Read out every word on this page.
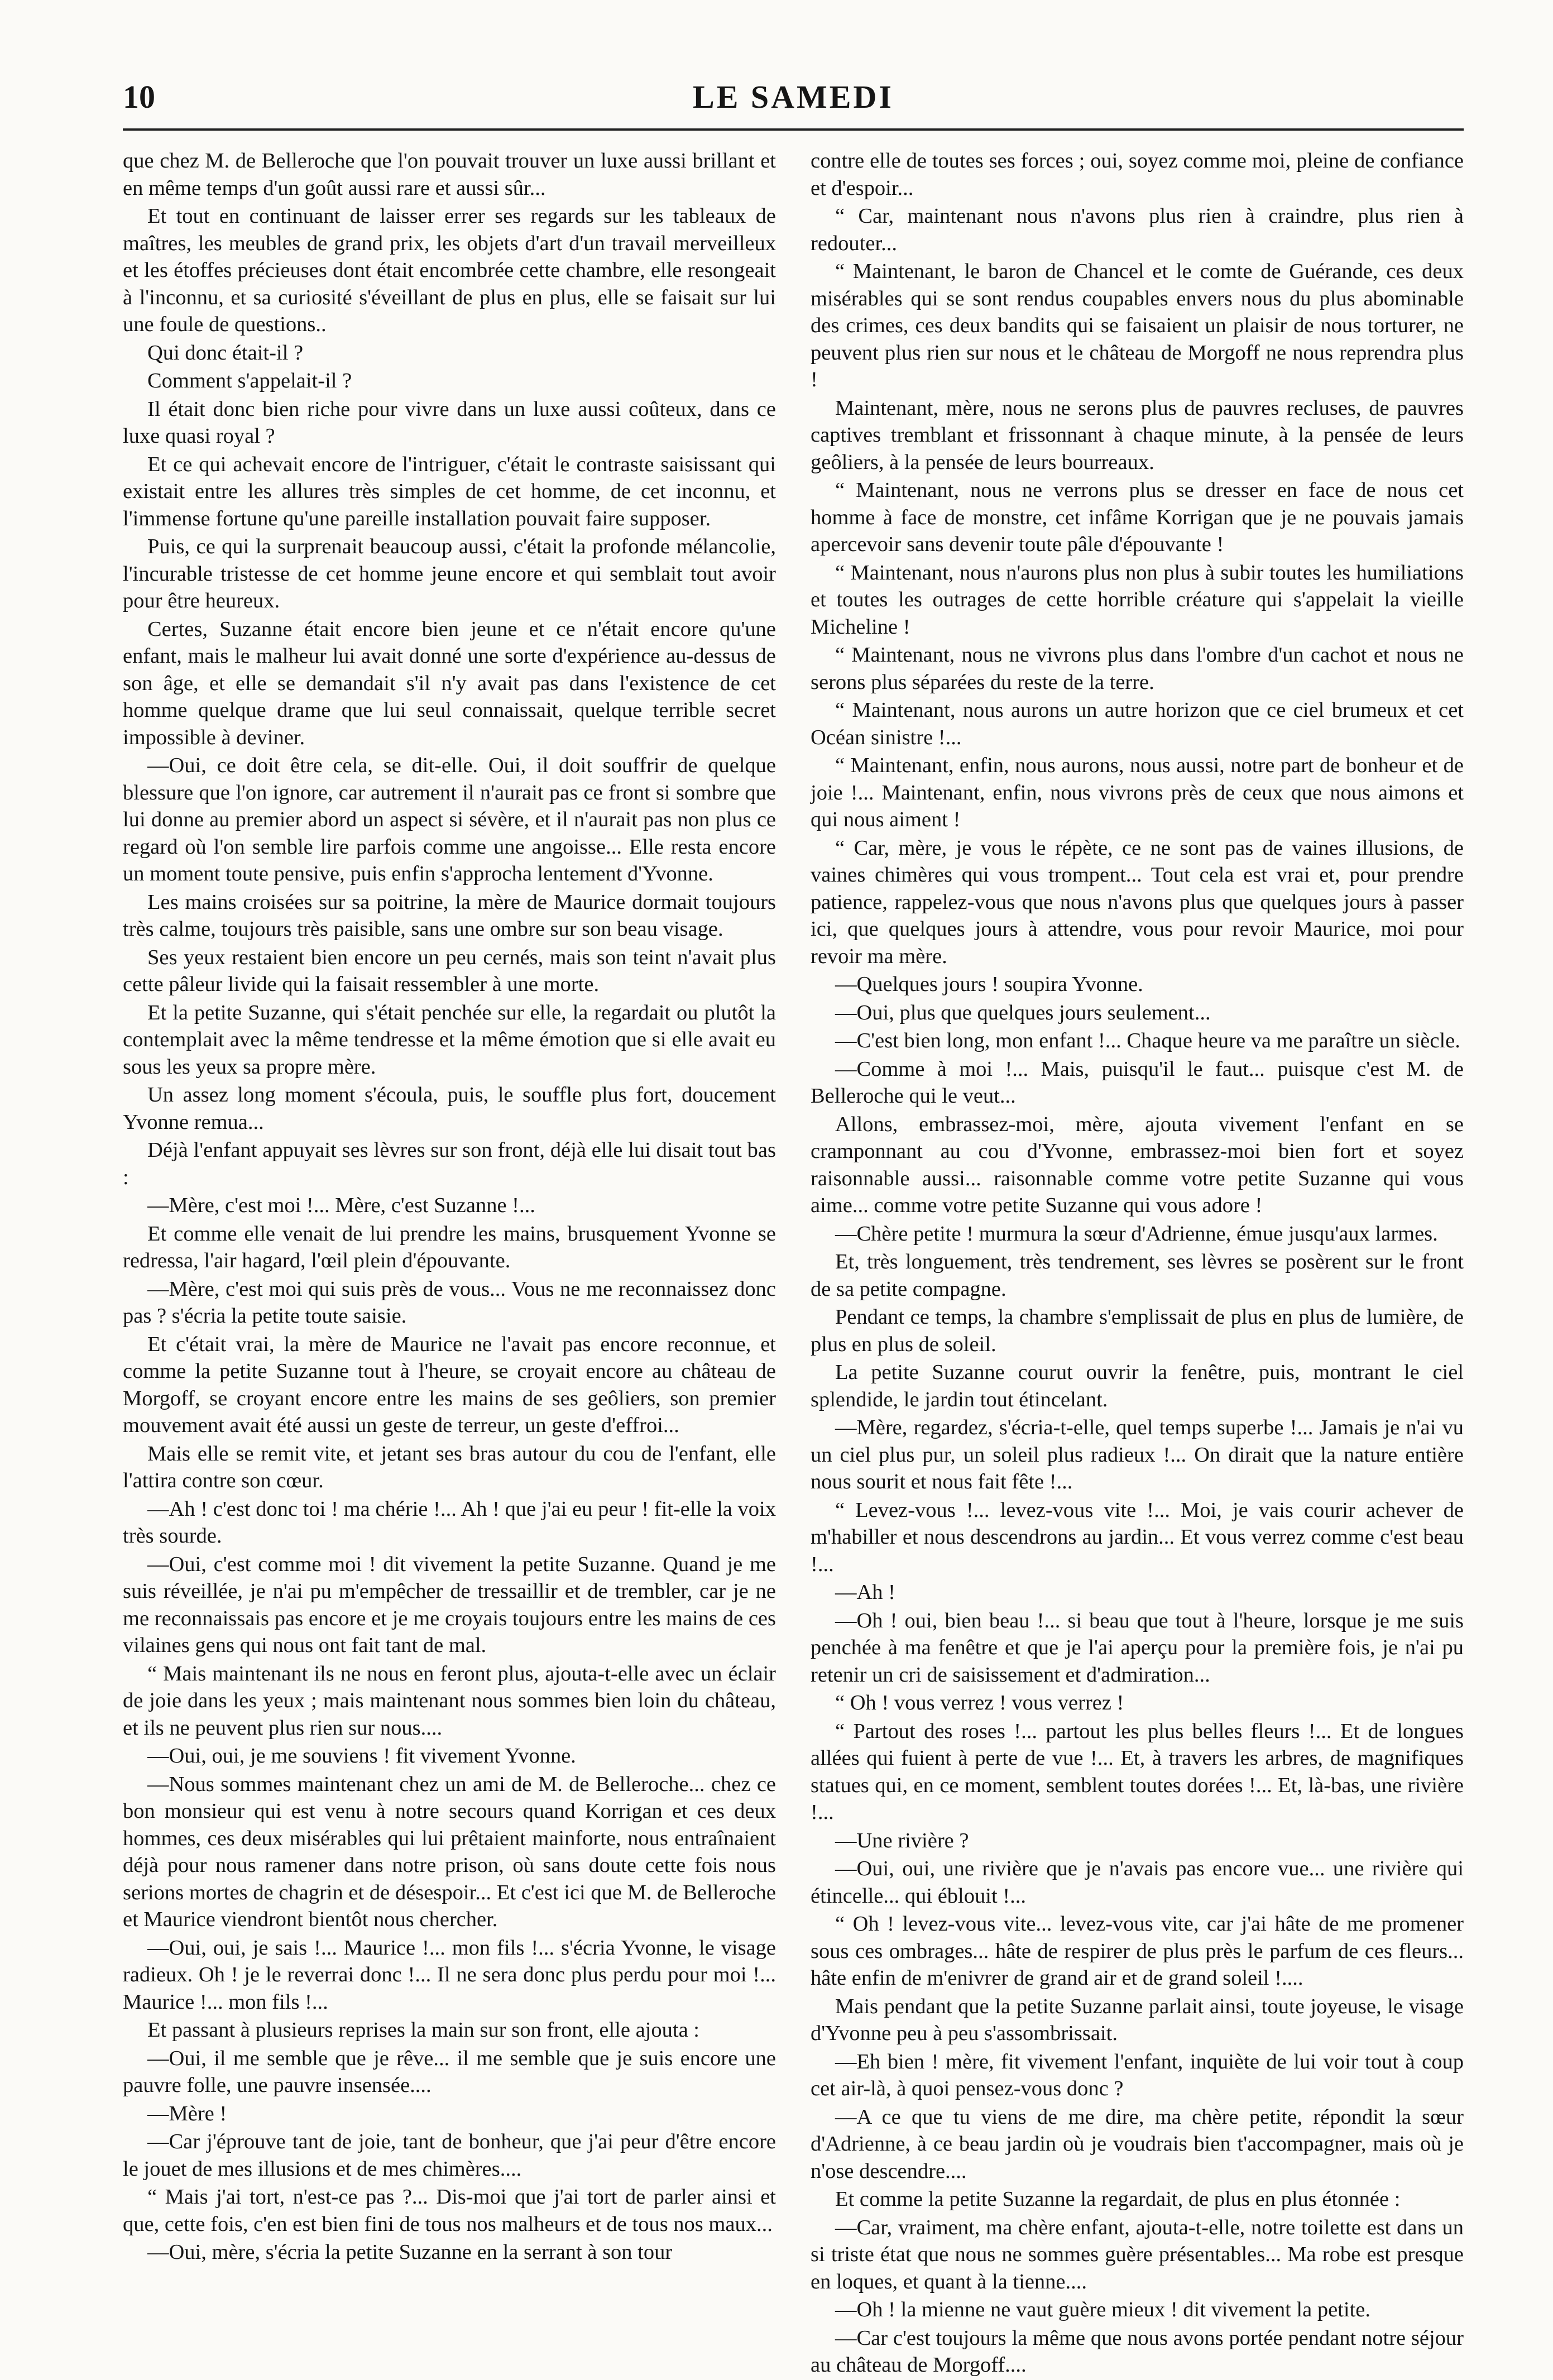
10	LE SAMEDI

que chez M. de Belleroche que l'on pouvait trouver un luxe aussi brillant et en même temps d'un goût aussi rare et aussi sûr...

Et tout en continuant de laisser errer ses regards sur les tableaux de maîtres, les meubles de grand prix, les objets d'art d'un travail merveilleux et les étoffes précieuses dont était encombrée cette chambre, elle resongeait à l'inconnu, et sa curiosité s'éveillant de plus en plus, elle se faisait sur lui une foule de questions..

Qui donc était-il ?

Comment s'appelait-il ?

Il était donc bien riche pour vivre dans un luxe aussi coûteux, dans ce luxe quasi royal ?

Et ce qui achevait encore de l'intriguer, c'était le contraste saisissant qui existait entre les allures très simples de cet homme, de cet inconnu, et l'immense fortune qu'une pareille installation pouvait faire supposer.

Puis, ce qui la surprenait beaucoup aussi, c'était la profonde mélancolie, l'incurable tristesse de cet homme jeune encore et qui semblait tout avoir pour être heureux.

Certes, Suzanne était encore bien jeune et ce n'était encore qu'une enfant, mais le malheur lui avait donné une sorte d'expérience au-dessus de son âge, et elle se demandait s'il n'y avait pas dans l'existence de cet homme quelque drame que lui seul connaissait, quelque terrible secret impossible à deviner.

—Oui, ce doit être cela, se dit-elle. Oui, il doit souffrir de quelque blessure que l'on ignore, car autrement il n'aurait pas ce front si sombre que lui donne au premier abord un aspect si sévère, et il n'aurait pas non plus ce regard où l'on semble lire parfois comme une angoisse... Elle resta encore un moment toute pensive, puis enfin s'approcha lentement d'Yvonne.

Les mains croisées sur sa poitrine, la mère de Maurice dormait toujours très calme, toujours très paisible, sans une ombre sur son beau visage.

Ses yeux restaient bien encore un peu cernés, mais son teint n'avait plus cette pâleur livide qui la faisait ressembler à une morte.

Et la petite Suzanne, qui s'était penchée sur elle, la regardait ou plutôt la contemplait avec la même tendresse et la même émotion que si elle avait eu sous les yeux sa propre mère.

Un assez long moment s'écoula, puis, le souffle plus fort, doucement Yvonne remua...

Déjà l'enfant appuyait ses lèvres sur son front, déjà elle lui disait tout bas :

—Mère, c'est moi !... Mère, c'est Suzanne !...

Et comme elle venait de lui prendre les mains, brusquement Yvonne se redressa, l'air hagard, l'œil plein d'épouvante.

—Mère, c'est moi qui suis près de vous... Vous ne me reconnaissez donc pas ? s'écria la petite toute saisie.

Et c'était vrai, la mère de Maurice ne l'avait pas encore reconnue, et comme la petite Suzanne tout à l'heure, se croyait encore au château de Morgoff, se croyant encore entre les mains de ses geôliers, son premier mouvement avait été aussi un geste de terreur, un geste d'effroi...

Mais elle se remit vite, et jetant ses bras autour du cou de l'enfant, elle l'attira contre son cœur.

—Ah ! c'est donc toi ! ma chérie !... Ah ! que j'ai eu peur ! fit-elle la voix très sourde.

—Oui, c'est comme moi ! dit vivement la petite Suzanne. Quand je me suis réveillée, je n'ai pu m'empêcher de tressaillir et de trembler, car je ne me reconnaissais pas encore et je me croyais toujours entre les mains de ces vilaines gens qui nous ont fait tant de mal.

“ Mais maintenant ils ne nous en feront plus, ajouta-t-elle avec un éclair de joie dans les yeux ; mais maintenant nous sommes bien loin du château, et ils ne peuvent plus rien sur nous....

—Oui, oui, je me souviens ! fit vivement Yvonne.

—Nous sommes maintenant chez un ami de M. de Belleroche... chez ce bon monsieur qui est venu à notre secours quand Korrigan et ces deux hommes, ces deux misérables qui lui prêtaient mainforte, nous entraînaient déjà pour nous ramener dans notre prison, où sans doute cette fois nous serions mortes de chagrin et de désespoir... Et c'est ici que M. de Belleroche et Maurice viendront bientôt nous chercher.

—Oui, oui, je sais !... Maurice !... mon fils !... s'écria Yvonne, le visage radieux. Oh ! je le reverrai donc !... Il ne sera donc plus perdu pour moi !... Maurice !... mon fils !...

Et passant à plusieurs reprises la main sur son front, elle ajouta :

—Oui, il me semble que je rêve... il me semble que je suis encore une pauvre folle, une pauvre insensée....

—Mère !

—Car j'éprouve tant de joie, tant de bonheur, que j'ai peur d'être encore le jouet de mes illusions et de mes chimères....

“ Mais j'ai tort, n'est-ce pas ?... Dis-moi que j'ai tort de parler ainsi et que, cette fois, c'en est bien fini de tous nos malheurs et de tous nos maux...

—Oui, mère, s'écria la petite Suzanne en la serrant à son tour

contre elle de toutes ses forces ; oui, soyez comme moi, pleine de confiance et d'espoir...

“ Car, maintenant nous n'avons plus rien à craindre, plus rien à redouter...

“ Maintenant, le baron de Chancel et le comte de Guérande, ces deux misérables qui se sont rendus coupables envers nous du plus abominable des crimes, ces deux bandits qui se faisaient un plaisir de nous torturer, ne peuvent plus rien sur nous et le château de Morgoff ne nous reprendra plus !

Maintenant, mère, nous ne serons plus de pauvres recluses, de pauvres captives tremblant et frissonnant à chaque minute, à la pensée de leurs geôliers, à la pensée de leurs bourreaux.

“ Maintenant, nous ne verrons plus se dresser en face de nous cet homme à face de monstre, cet infâme Korrigan que je ne pouvais jamais apercevoir sans devenir toute pâle d'épouvante !

“ Maintenant, nous n'aurons plus non plus à subir toutes les humiliations et toutes les outrages de cette horrible créature qui s'appelait la vieille Micheline !

“ Maintenant, nous ne vivrons plus dans l'ombre d'un cachot et nous ne serons plus séparées du reste de la terre.

“ Maintenant, nous aurons un autre horizon que ce ciel brumeux et cet Océan sinistre !...

“ Maintenant, enfin, nous aurons, nous aussi, notre part de bonheur et de joie !... Maintenant, enfin, nous vivrons près de ceux que nous aimons et qui nous aiment !

“ Car, mère, je vous le répète, ce ne sont pas de vaines illusions, de vaines chimères qui vous trompent... Tout cela est vrai et, pour prendre patience, rappelez-vous que nous n'avons plus que quelques jours à passer ici, que quelques jours à attendre, vous pour revoir Maurice, moi pour revoir ma mère.

—Quelques jours ! soupira Yvonne.

—Oui, plus que quelques jours seulement...

—C'est bien long, mon enfant !... Chaque heure va me paraître un siècle.

—Comme à moi !... Mais, puisqu'il le faut... puisque c'est M. de Belleroche qui le veut...

Allons, embrassez-moi, mère, ajouta vivement l'enfant en se cramponnant au cou d'Yvonne, embrassez-moi bien fort et soyez raisonnable aussi... raisonnable comme votre petite Suzanne qui vous aime... comme votre petite Suzanne qui vous adore !

—Chère petite ! murmura la sœur d'Adrienne, émue jusqu'aux larmes.

Et, très longuement, très tendrement, ses lèvres se posèrent sur le front de sa petite compagne.

Pendant ce temps, la chambre s'emplissait de plus en plus de lumière, de plus en plus de soleil.

La petite Suzanne courut ouvrir la fenêtre, puis, montrant le ciel splendide, le jardin tout étincelant.

—Mère, regardez, s'écria-t-elle, quel temps superbe !... Jamais je n'ai vu un ciel plus pur, un soleil plus radieux !... On dirait que la nature entière nous sourit et nous fait fête !...

“ Levez-vous !... levez-vous vite !... Moi, je vais courir achever de m'habiller et nous descendrons au jardin... Et vous verrez comme c'est beau !...

—Ah !

—Oh ! oui, bien beau !... si beau que tout à l'heure, lorsque je me suis penchée à ma fenêtre et que je l'ai aperçu pour la première fois, je n'ai pu retenir un cri de saisissement et d'admiration...

“ Oh ! vous verrez ! vous verrez !

“ Partout des roses !... partout les plus belles fleurs !... Et de longues allées qui fuient à perte de vue !... Et, à travers les arbres, de magnifiques statues qui, en ce moment, semblent toutes dorées !... Et, là-bas, une rivière !...

—Une rivière ?

—Oui, oui, une rivière que je n'avais pas encore vue... une rivière qui étincelle... qui éblouit !...

“ Oh ! levez-vous vite... levez-vous vite, car j'ai hâte de me promener sous ces ombrages... hâte de respirer de plus près le parfum de ces fleurs... hâte enfin de m'enivrer de grand air et de grand soleil !....

Mais pendant que la petite Suzanne parlait ainsi, toute joyeuse, le visage d'Yvonne peu à peu s'assombrissait.

—Eh bien ! mère, fit vivement l'enfant, inquiète de lui voir tout à coup cet air-là, à quoi pensez-vous donc ?

—A ce que tu viens de me dire, ma chère petite, répondit la sœur d'Adrienne, à ce beau jardin où je voudrais bien t'accompagner, mais où je n'ose descendre....

Et comme la petite Suzanne la regardait, de plus en plus étonnée :

—Car, vraiment, ma chère enfant, ajouta-t-elle, notre toilette est dans un si triste état que nous ne sommes guère présentables... Ma robe est presque en loques, et quant à la tienne....

—Oh ! la mienne ne vaut guère mieux ! dit vivement la petite.

—Car c'est toujours la même que nous avons portée pendant notre séjour au château de Morgoff....
